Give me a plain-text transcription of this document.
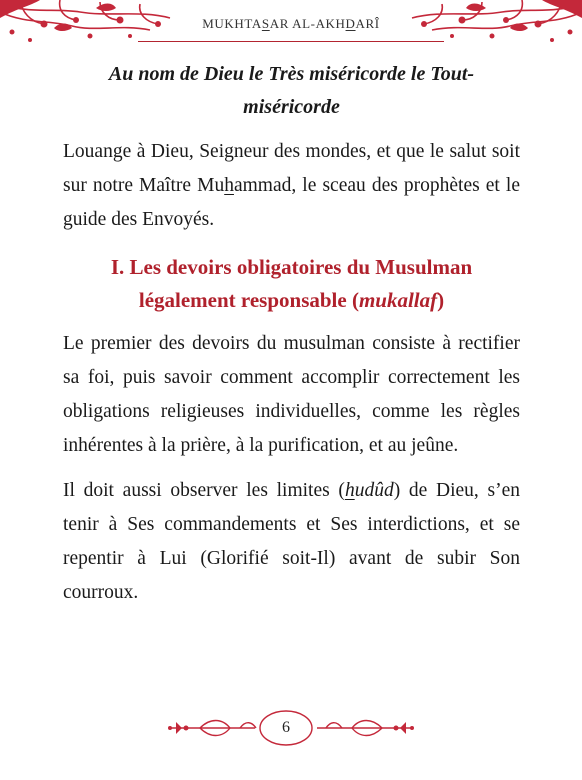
MUKHTASAR AL-AKHDARÎ

Au nom de Dieu le Très miséricorde le Tout-
miséricorde

Louange à Dieu, Seigneur des mondes, et que le salut soit sur notre Maître Muhammad, le sceau des prophètes et le guide des Envoyés.

I. Les devoirs obligatoires du Musulman
légalement responsable (mukallaf)

Le premier des devoirs du musulman consiste à rectifier sa foi, puis savoir comment accomplir correctement les obligations religieuses individuelles, comme les règles inhérentes à la prière, à la purification, et au jeûne.

Il doit aussi observer les limites (hudûd) de Dieu, s’en tenir à Ses commandements et Ses interdictions, et se repentir à Lui (Glorifié soit-Il) avant de subir Son courroux.

6
